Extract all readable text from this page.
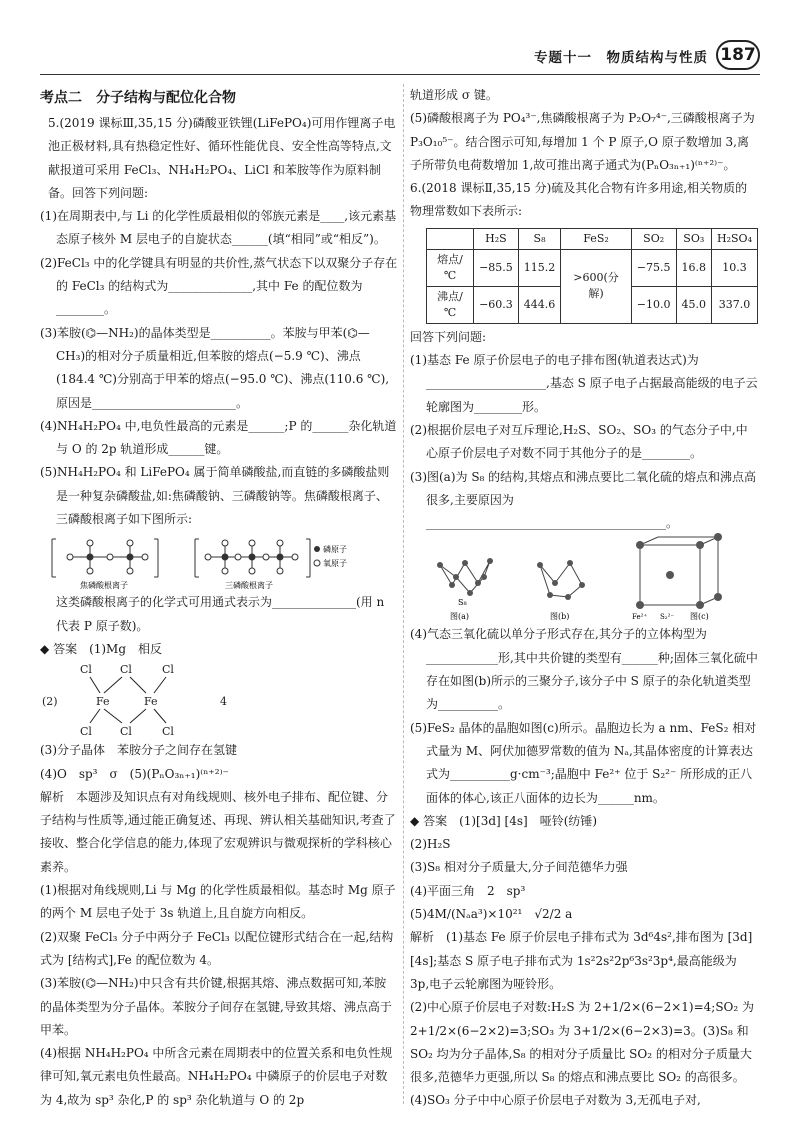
专题十一　物质结构与性质 187

考点二　分子结构与配位化合物

5.(2019 课标Ⅲ,35,15 分)磷酸亚铁锂(LiFePO₄)可用作锂离子电池正极材料,具有热稳定性好、循环性能优良、安全性高等特点,文献报道可采用 FeCl₃、NH₄H₂PO₄、LiCl 和苯胺等作为原料制备。回答下列问题:

(1)在周期表中,与 Li 的化学性质最相似的邻族元素是____,该元素基态原子核外 M 层电子的自旋状态______(填“相同”或“相反”)。

(2)FeCl₃ 中的化学键具有明显的共价性,蒸气状态下以双聚分子存在的 FeCl₃ 的结构式为______________,其中 Fe 的配位数为________。

(3)苯胺(⌬—NH₂)的晶体类型是__________。苯胺与甲苯(⌬—CH₃)的相对分子质量相近,但苯胺的熔点(−5.9 ℃)、沸点(184.4 ℃)分别高于甲苯的熔点(−95.0 ℃)、沸点(110.6 ℃),原因是________________________。

(4)NH₄H₂PO₄ 中,电负性最高的元素是______;P 的______杂化轨道与 O 的 2p 轨道形成______键。

(5)NH₄H₂PO₄ 和 LiFePO₄ 属于简单磷酸盐,而直链的多磷酸盐则是一种复杂磷酸盐,如:焦磷酸钠、三磷酸钠等。焦磷酸根离子、三磷酸根离子如下图所示:

焦磷酸根离子	三磷酸根离子
磷原子
氧原子

这类磷酸根离子的化学式可用通式表示为______________(用 n 代表 P 原子数)。

◆ 答案　(1)Mg　相反

(2)
Cl	Cl	Cl
Fe	Fe
Cl	Cl	Cl
4

(3)分子晶体　苯胺分子之间存在氢键

(4)O　sp³　σ　(5)(PₙO₃ₙ₊₁)⁽ⁿ⁺²⁾⁻

解析　本题涉及知识点有对角线规则、核外电子排布、配位键、分子结构与性质等,通过能正确复述、再现、辨认相关基础知识,考查了接收、整合化学信息的能力,体现了宏观辨识与微观探析的学科核心素养。

(1)根据对角线规则,Li 与 Mg 的化学性质最相似。基态时 Mg 原子的两个 M 层电子处于 3s 轨道上,且自旋方向相反。

(2)双聚 FeCl₃ 分子中两分子 FeCl₃ 以配位键形式结合在一起,结构式为 [结构式],Fe 的配位数为 4。

(3)苯胺(⌬—NH₂)中只含有共价键,根据其熔、沸点数据可知,苯胺的晶体类型为分子晶体。苯胺分子间存在氢键,导致其熔、沸点高于甲苯。

(4)根据 NH₄H₂PO₄ 中所含元素在周期表中的位置关系和电负性规律可知,氧元素电负性最高。NH₄H₂PO₄ 中磷原子的价层电子对数为 4,故为 sp³ 杂化,P 的 sp³ 杂化轨道与 O 的 2p

轨道形成 σ 键。

(5)磷酸根离子为 PO₄³⁻,焦磷酸根离子为 P₂O₇⁴⁻,三磷酸根离子为 P₃O₁₀⁵⁻。结合图示可知,每增加 1 个 P 原子,O 原子数增加 3,离子所带负电荷数增加 1,故可推出离子通式为(PₙO₃ₙ₊₁)⁽ⁿ⁺²⁾⁻。

6.(2018 课标Ⅱ,35,15 分)硫及其化合物有许多用途,相关物质的物理常数如下表所示:

	H₂S	S₈	FeS₂	SO₂	SO₃	H₂SO₄
熔点/℃	−85.5	115.2	>600(分解)	−75.5	16.8	10.3
沸点/℃	−60.3	444.6		−10.0	45.0	337.0

回答下列问题:

(1)基态 Fe 原子价层电子的电子排布图(轨道表达式)为____________________,基态 S 原子电子占据最高能级的电子云轮廓图为________形。

(2)根据价层电子对互斥理论,H₂S、SO₂、SO₃ 的气态分子中,中心原子价层电子对数不同于其他分子的是________。

(3)图(a)为 S₈ 的结构,其熔点和沸点要比二氧化硫的熔点和沸点高很多,主要原因为________________________________________。

S₈
图(a)	图(b)	Fe²⁺ S₂²⁻ 图(c)

(4)气态三氧化硫以单分子形式存在,其分子的立体构型为____________形,其中共价键的类型有______种;固体三氧化硫中存在如图(b)所示的三聚分子,该分子中 S 原子的杂化轨道类型为__________。

(5)FeS₂ 晶体的晶胞如图(c)所示。晶胞边长为 a nm、FeS₂ 相对式量为 M、阿伏加德罗常数的值为 Nₐ,其晶体密度的计算表达式为__________g·cm⁻³;晶胞中 Fe²⁺ 位于 S₂²⁻ 所形成的正八面体的体心,该正八面体的边长为______nm。

◆ 答案　(1)[3d] [4s]　哑铃(纺锤)

(2)H₂S

(3)S₈ 相对分子质量大,分子间范德华力强

(4)平面三角　2　sp³

(5)4M/(Nₐa³)×10²¹　√2/2 a

解析　(1)基态 Fe 原子价层电子排布式为 3d⁶4s²,排布图为 [3d][4s];基态 S 原子电子排布式为 1s²2s²2p⁶3s²3p⁴,最高能级为 3p,电子云轮廓图为哑铃形。

(2)中心原子价层电子对数:H₂S 为 2+1/2×(6−2×1)=4;SO₂ 为 2+1/2×(6−2×2)=3;SO₃ 为 3+1/2×(6−2×3)=3。(3)S₈ 和 SO₂ 均为分子晶体,S₈ 的相对分子质量比 SO₂ 的相对分子质量大很多,范德华力更强,所以 S₈ 的熔点和沸点要比 SO₂ 的高很多。(4)SO₃ 分子中中心原子价层电子对数为 3,无孤电子对,
